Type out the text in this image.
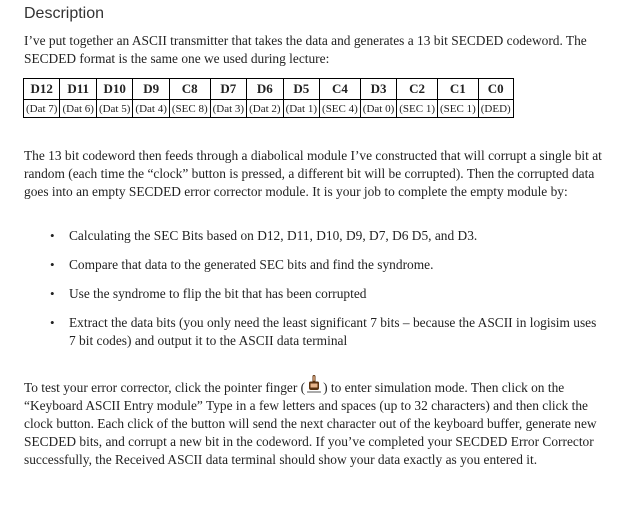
Description

I’ve put together an ASCII transmitter that takes the data and generates a 13 bit SECDED codeword. The SECDED format is the same one we used during lecture:

D12	D11	D10	D9	C8	D7	D6	D5	C4	D3	C2	C1	C0
(Dat 7)	(Dat 6)	(Dat 5)	(Dat 4)	(SEC 8)	(Dat 3)	(Dat 2)	(Dat 1)	(SEC 4)	(Dat 0)	(SEC 1)	(SEC 1)	(DED)

The 13 bit codeword then feeds through a diabolical module I’ve constructed that will corrupt a single bit at random (each time the “clock” button is pressed, a different bit will be corrupted). Then the corrupted data goes into an empty SECDED error corrector module. It is your job to complete the empty module by:

• Calculating the SEC Bits based on D12, D11, D10, D9, D7, D6 D5, and D3.
• Compare that data to the generated SEC bits and find the syndrome.
• Use the syndrome to flip the bit that has been corrupted
• Extract the data bits (you only need the least significant 7 bits – because the ASCII in logisim uses 7 bit codes) and output it to the ASCII data terminal

To test your error corrector, click the pointer finger ( ) to enter simulation mode. Then click on the “Keyboard ASCII Entry module” Type in a few letters and spaces (up to 32 characters) and then click the clock button. Each click of the button will send the next character out of the keyboard buffer, generate new SECDED bits, and corrupt a new bit in the codeword. If you’ve completed your SECDED Error Corrector successfully, the Received ASCII data terminal should show your data exactly as you entered it.
